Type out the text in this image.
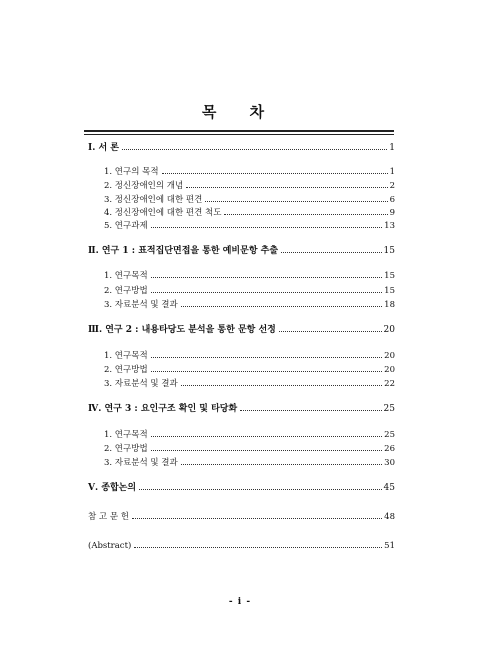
목 차
Ⅰ. 서 론	1
1. 연구의 목적	1
2. 정신장애인의 개념	2
3. 정신장애인에 대한 편견	6
4. 정신장애인에 대한 편견 척도	9
5. 연구과제	13
Ⅱ. 연구 1 : 표적집단면접을 통한 예비문항 추출	15
1. 연구목적	15
2. 연구방법	15
3. 자료분석 및 결과	18
Ⅲ. 연구 2 : 내용타당도 분석을 통한 문항 선정	20
1. 연구목적	20
2. 연구방법	20
3. 자료분석 및 결과	22
Ⅳ. 연구 3 : 요인구조 확인 및 타당화	25
1. 연구목적	25
2. 연구방법	26
3. 자료분석 및 결과	30
Ⅴ. 종합논의	45
참 고 문 헌	48
(Abstract)	51
- i -
